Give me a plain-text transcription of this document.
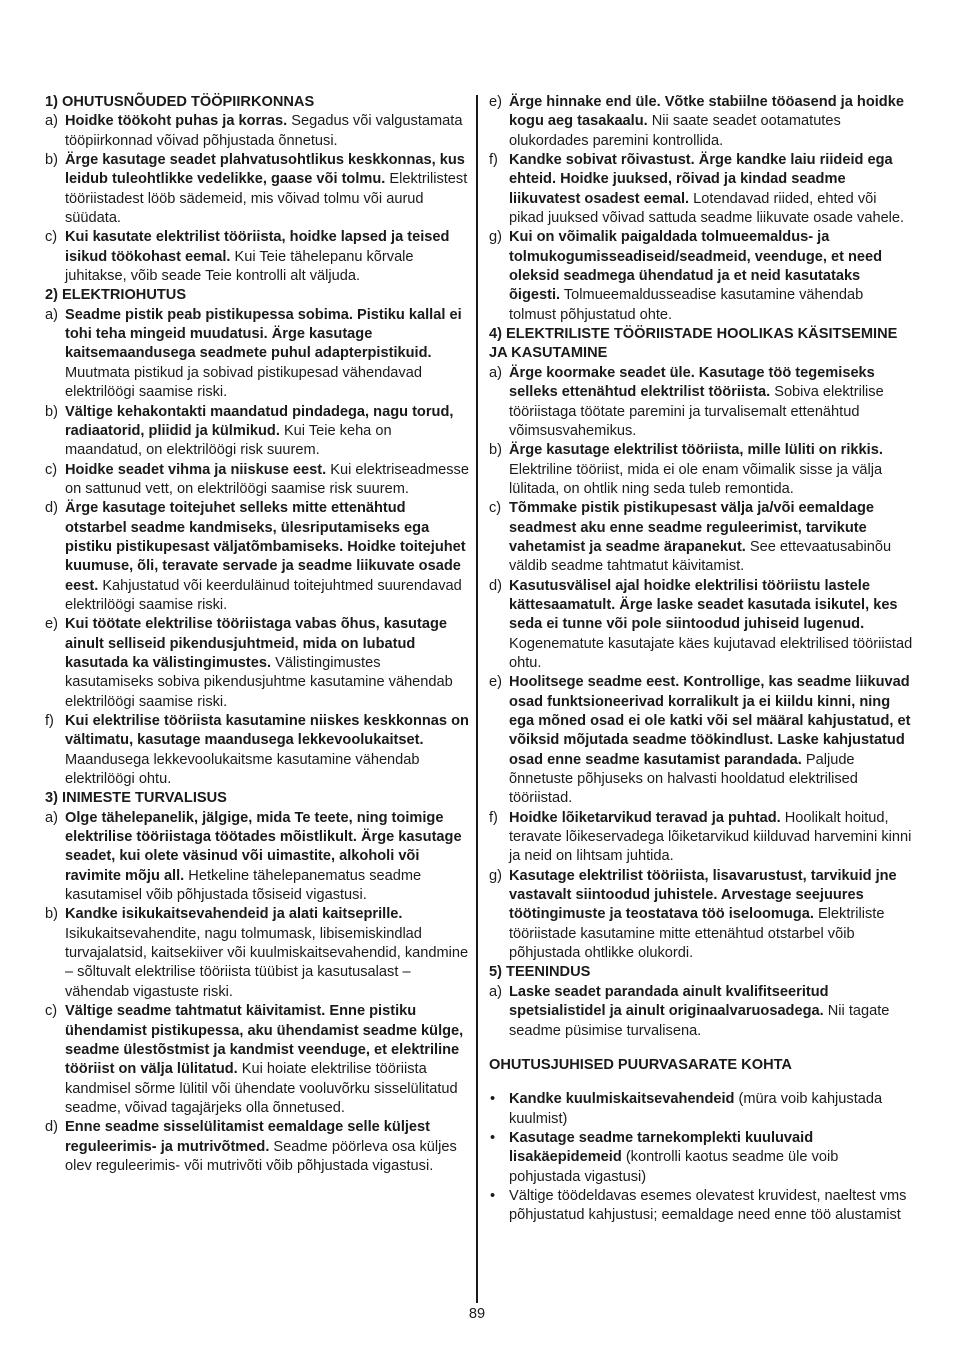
1) OHUTUSNÕUDED TÖÖPIIRKONNAS
a) Hoidke töökoht puhas ja korras. Segadus või valgustamata tööpiirkonnad võivad põhjustada õnnetusi.
b) Ärge kasutage seadet plahvatusohtlikus keskkonnas, kus leidub tuleohtlikke vedelikke, gaase või tolmu. Elektrilistest tööriistadest lööb sädemeid, mis võivad tolmu või aurud süüdata.
c) Kui kasutate elektrilist tööriista, hoidke lapsed ja teised isikud töökohast eemal. Kui Teie tähelepanu kõrvale juhitakse, võib seade Teie kontrolli alt väljuda.
2) ELEKTRIOHUTUS
a) Seadme pistik peab pistikupessa sobima. Pistiku kallal ei tohi teha mingeid muudatusi. Ärge kasutage kaitsemaandusega seadmete puhul adapterpistikuid. Muutmata pistikud ja sobivad pistikupesad vähendavad elektrilöögi saamise riski.
b) Vältige kehakontakti maandatud pindadega, nagu torud, radiaatorid, pliidid ja külmikud. Kui Teie keha on maandatud, on elektrilöögi risk suurem.
c) Hoidke seadet vihma ja niiskuse eest. Kui elektriseadmesse on sattunud vett, on elektrilöögi saamise risk suurem.
d) Ärge kasutage toitejuhet selleks mitte ettenähtud otstarbel seadme kandmiseks, ülesriputamiseks ega pistiku pistikupesast väljatõmbamiseks. Hoidke toitejuhet kuumuse, õli, teravate servade ja seadme liikuvate osade eest. Kahjustatud või keerduläinud toitejuhtmed suurendavad elektrilöögi saamise riski.
e) Kui töötate elektrilise tööriistaga vabas õhus, kasutage ainult selliseid pikendusjuhtmeid, mida on lubatud kasutada ka välistingimustes. Välistingimustes kasutamiseks sobiva pikendusjuhtme kasutamine vähendab elektrilöögi saamise riski.
f) Kui elektrilise tööriista kasutamine niiskes keskkonnas on vältimatu, kasutage maandusega lekkevoolukaitset. Maandusega lekkevoolukaitsme kasutamine vähendab elektrilöögi ohtu.
3) INIMESTE TURVALISUS
a) Olge tähelepanelik, jälgige, mida Te teete, ning toimige elektrilise tööriistaga töötades mõistlikult. Ärge kasutage seadet, kui olete väsinud või uimastite, alkoholi või ravimite mõju all. Hetkeline tähelepanematus seadme kasutamisel võib põhjustada tõsiseid vigastusi.
b) Kandke isikukaitsevahendeid ja alati kaitseprille. Isikukaitsevahendite, nagu tolmumask, libisemiskindlad turvajalatsid, kaitsekiiver või kuulmiskaitsevahendid, kandmine – sõltuvalt elektrilise tööriista tüübist ja kasutusalast – vähendab vigastuste riski.
c) Vältige seadme tahtmatut käivitamist. Enne pistiku ühendamist pistikupessa, aku ühendamist seadme külge, seadme ülestõstmist ja kandmist veenduge, et elektriline tööriist on välja lülitatud. Kui hoiate elektrilise tööriista kandmisel sõrme lülitil või ühendate vooluvõrku sisselülitatud seadme, võivad tagajärjeks olla õnnetused.
d) Enne seadme sisselülitamist eemaldage selle küljest reguleerimis- ja mutrivõtmed. Seadme pöörleva osa küljes olev reguleerimis- või mutrivõti võib põhjustada vigastusi.
e) Ärge hinnake end üle. Võtke stabiilne tööasend ja hoidke kogu aeg tasakaalu. Nii saate seadet ootamatutes olukordades paremini kontrollida.
f) Kandke sobivat rõivastust. Ärge kandke laiu riideid ega ehteid. Hoidke juuksed, rõivad ja kindad seadme liikuvatest osadest eemal. Lotendavad riided, ehted või pikad juuksed võivad sattuda seadme liikuvate osade vahele.
g) Kui on võimalik paigaldada tolmueemaldus- ja tolmukogumisseadiseid/seadmeid, veenduge, et need oleksid seadmega ühendatud ja et neid kasutataks õigesti. Tolmueemaldusseadise kasutamine vähendab tolmust põhjustatud ohte.
4) ELEKTRILISTE TÖÖRIISTADE HOOLIKAS KÄSITSEMINE JA KASUTAMINE
a) Ärge koormake seadet üle. Kasutage töö tegemiseks selleks ettenähtud elektrilist tööriista. Sobiva elektrilise tööriistaga töötate paremini ja turvalisemalt ettenähtud võimsusvahemikus.
b) Ärge kasutage elektrilist tööriista, mille lüliti on rikkis. Elektriline tööriist, mida ei ole enam võimalik sisse ja välja lülitada, on ohtlik ning seda tuleb remontida.
c) Tõmmake pistik pistikupesast välja ja/või eemaldage seadmest aku enne seadme reguleerimist, tarvikute vahetamist ja seadme ärapanekut. See ettevaatusabinõu väldib seadme tahtmatut käivitamist.
d) Kasutusvälisel ajal hoidke elektrilisi tööriistu lastele kättesaamatult. Ärge laske seadet kasutada isikutel, kes seda ei tunne või pole siintoodud juhiseid lugenud. Kogenematute kasutajate käes kujutavad elektrilised tööriistad ohtu.
e) Hoolitsege seadme eest. Kontrollige, kas seadme liikuvad osad funktsioneerivad korralikult ja ei kiildu kinni, ning ega mõned osad ei ole katki või sel määral kahjustatud, et võiksid mõjutada seadme töökindlust. Laske kahjustatud osad enne seadme kasutamist parandada. Paljude õnnetuste põhjuseks on halvasti hooldatud elektrilised tööriistad.
f) Hoidke lõiketarvikud teravad ja puhtad. Hoolikalt hoitud, teravate lõikeservadega lõiketarvikud kiilduvad harvemini kinni ja neid on lihtsam juhtida.
g) Kasutage elektrilist tööriista, lisavarustust, tarvikuid jne vastavalt siintoodud juhistele. Arvestage seejuures töötingimuste ja teostatava töö iseloomuga. Elektriliste tööriistade kasutamine mitte ettenähtud otstarbel võib põhjustada ohtlikke olukordi.
5) TEENINDUS
a) Laske seadet parandada ainult kvalifitseeritud spetsialistidel ja ainult originaalvaruosadega. Nii tagate seadme püsimise turvalisena.
OHUTUSJUHISED PUURVASARATE KOHTA
• Kandke kuulmiskaitsevahendeid (müra voib kahjustada kuulmist)
• Kasutage seadme tarnekomplekti kuuluvaid lisakäepidemeid (kontrolli kaotus seadme üle voib pohjustada vigastusi)
• Vältige töödeldavas esemes olevatest kruvidest, naeltest vms põhjustatud kahjustusi; eemaldage need enne töö alustamist
89
